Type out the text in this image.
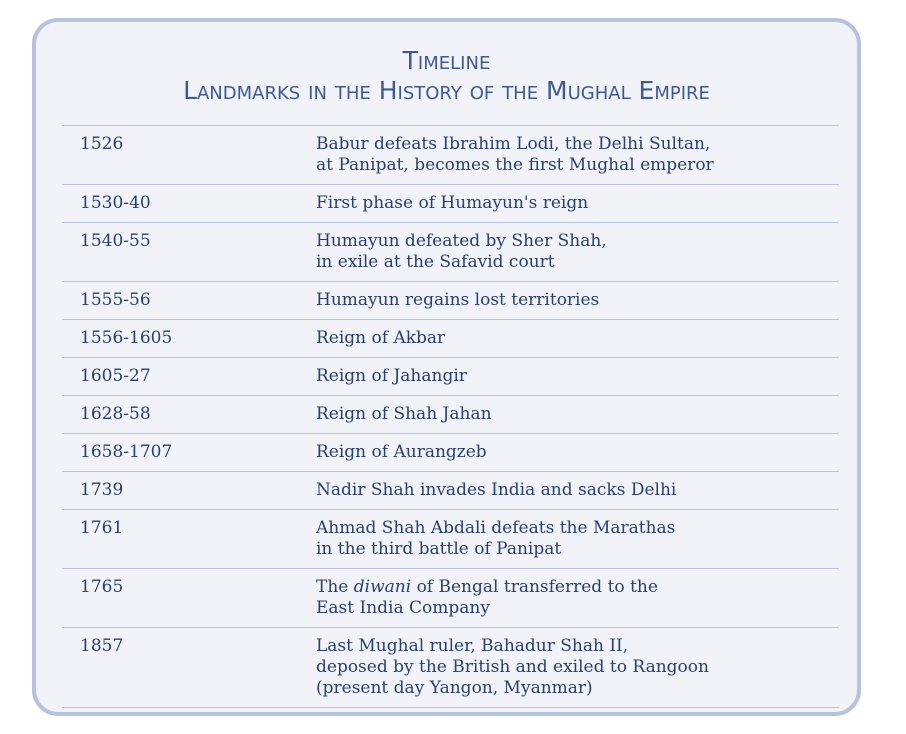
Timeline
Landmarks in the History of the Mughal Empire
1526	Babur defeats Ibrahim Lodi, the Delhi Sultan,
at Panipat, becomes the first Mughal emperor
1530-40	First phase of Humayun's reign
1540-55	Humayun defeated by Sher Shah,
in exile at the Safavid court
1555-56	Humayun regains lost territories
1556-1605	Reign of Akbar
1605-27	Reign of Jahangir
1628-58	Reign of Shah Jahan
1658-1707	Reign of Aurangzeb
1739	Nadir Shah invades India and sacks Delhi
1761	Ahmad Shah Abdali defeats the Marathas
in the third battle of Panipat
1765	The diwani of Bengal transferred to the
East India Company
1857	Last Mughal ruler, Bahadur Shah II,
deposed by the British and exiled to Rangoon
(present day Yangon, Myanmar)
